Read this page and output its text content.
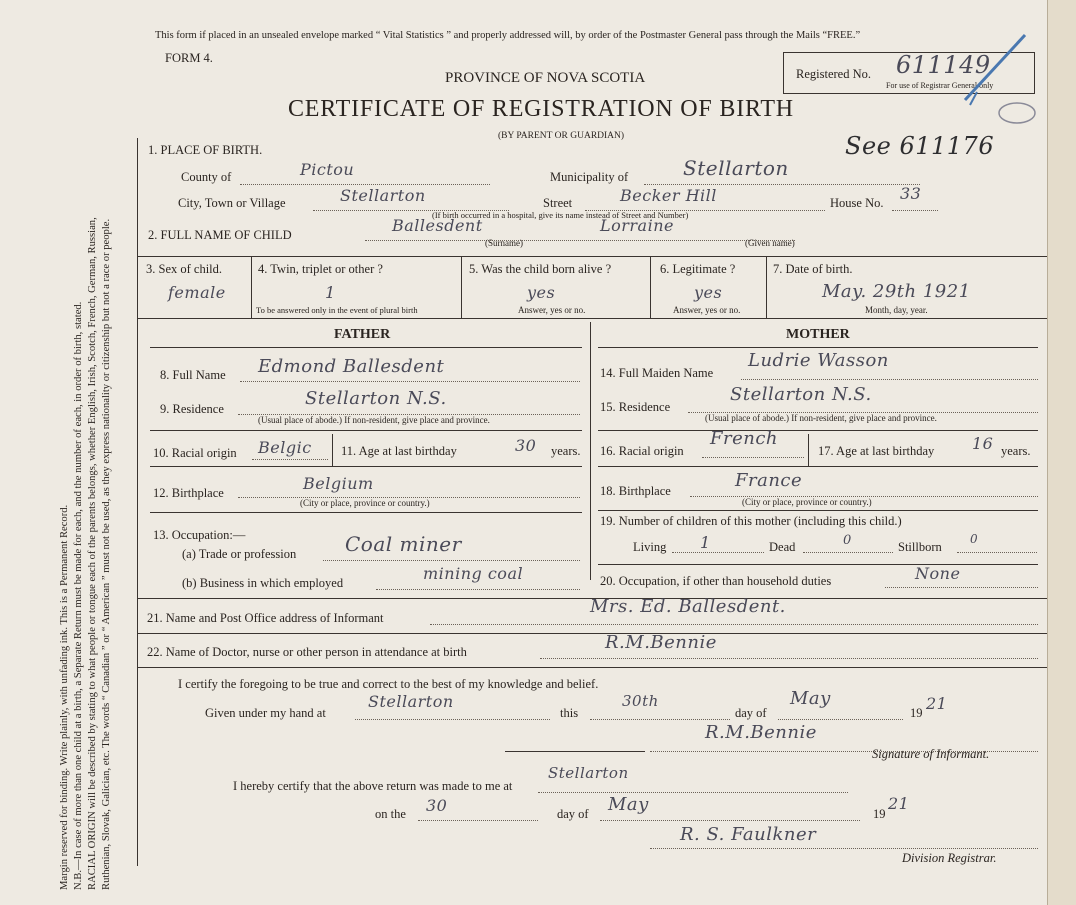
Margin reserved for binding. Write plainly, with unfading ink. This is a Permanent Record. N.B.—In case of more than one child at a birth, a Separate Return must be made for each, and the number of each, in order of birth, stated. RACIAL ORIGIN will be described by stating to what people or tongue each of the parents belongs, whether English, Irish, Scotch, French, German, Russian, Ruthenian, Slovak, Galician, etc. The words “ Canadian ” or “ American ” must not be used, as they express nationality or citizenship but not a race or people.
This form if placed in an unsealed envelope marked “ Vital Statistics ” and properly addressed will, by order of the Postmaster General pass through the Mails “FREE.”
FORM 4.
PROVINCE OF NOVA SCOTIA
CERTIFICATE OF REGISTRATION OF BIRTH
(BY PARENT OR GUARDIAN)
Registered No. 611149
For use of Registrar General only
See 611176
1. PLACE OF BIRTH.
County of	Pictou	Municipality of	Stellarton
City, Town or Village	Stellarton	Street	Becker Hill	House No. 33
(If birth occurred in a hospital, give its name instead of Street and Number)
2. FULL NAME OF CHILD	Ballesdent	Lorraine
(Surname)	(Given name)
3. Sex of child.
female
4. Twin, triplet or other ?
1
To be answered only in the event of plural birth
5. Was the child born alive ?
yes
Answer, yes or no.
6. Legitimate ?
yes
Answer, yes or no.
7. Date of birth.
May. 29th 1921
Month, day, year.
FATHER	MOTHER
8. Full Name Edmond Ballesdent
9. Residence	Stellarton N.S.
(Usual place of abode.) If non-resident, give place and province.
10. Racial origin Belgic 11. Age at last birthday	30 years.
12. Birthplace	Belgium
(City or place, province or country.)
13. Occupation:—
(a) Trade or profession Coal miner
(b) Business in which employed	mining coal
14. Full Maiden Name
Ludrie Wasson
15. Residence
Stellarton N.S.
(Usual place of abode.) If non-resident, give place and province.
16. Racial origin
French
17. Age at last birthday 16 years.
18. Birthplace	France
(City or place, province or country.)
19. Number of children of this mother (including this child.)
Living 1	Dead	0	Stillborn
0
20. Occupation, if other than household duties	None
21. Name and Post Office address of Informant
Mrs. Ed. Ballesdent.
22. Name of Doctor, nurse or other person in attendance at birth	R.M.Bennie
I certify the foregoing to be true and correct to the best of my knowledge and belief.
Given under my hand at
Stellarton
this
30th
day of
May
19 21
R.M.Bennie
Signature of Informant.
I hereby certify that the above return was made to me at
Stellarton
on the 30	day of May	19
21
R. S. Faulkner
Division Registrar.
